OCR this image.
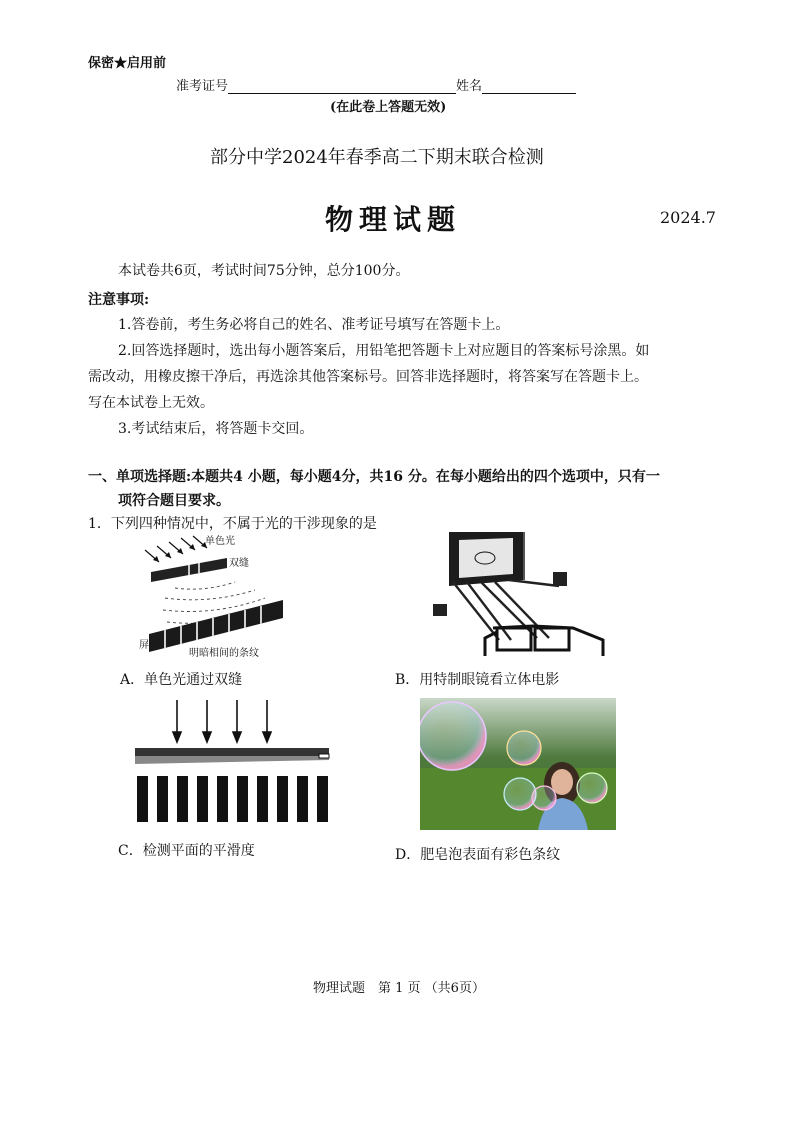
保密★启用前
准考证号	姓名
(在此卷上答题无效)
部分中学2024年春季高二下期末联合检测
物理试题	2024.7
本试卷共6页，考试时间75分钟，总分100分。
注意事项:
1.答卷前，考生务必将自己的姓名、准考证号填写在答题卡上。
2.回答选择题时，选出每小题答案后，用铅笔把答题卡上对应题目的答案标号涂黑。如
需改动，用橡皮擦干净后，再选涂其他答案标号。回答非选择题时，将答案写在答题卡上。
写在本试卷上无效。
3.考试结束后，将答题卡交回。
一、单项选择题:本题共4 小题，每小题4分，共16 分。在每小题给出的四个选项中，只有一
项符合题目要求。
1．下列四种情况中，不属于光的干涉现象的是
单色光
双缝
屏
明暗相间的条纹
A．单色光通过双缝	B．用特制眼镜看立体电影
C．检测平面的平滑度	D．肥皂泡表面有彩色条纹
物理试题　第 1 页 （共6页）
